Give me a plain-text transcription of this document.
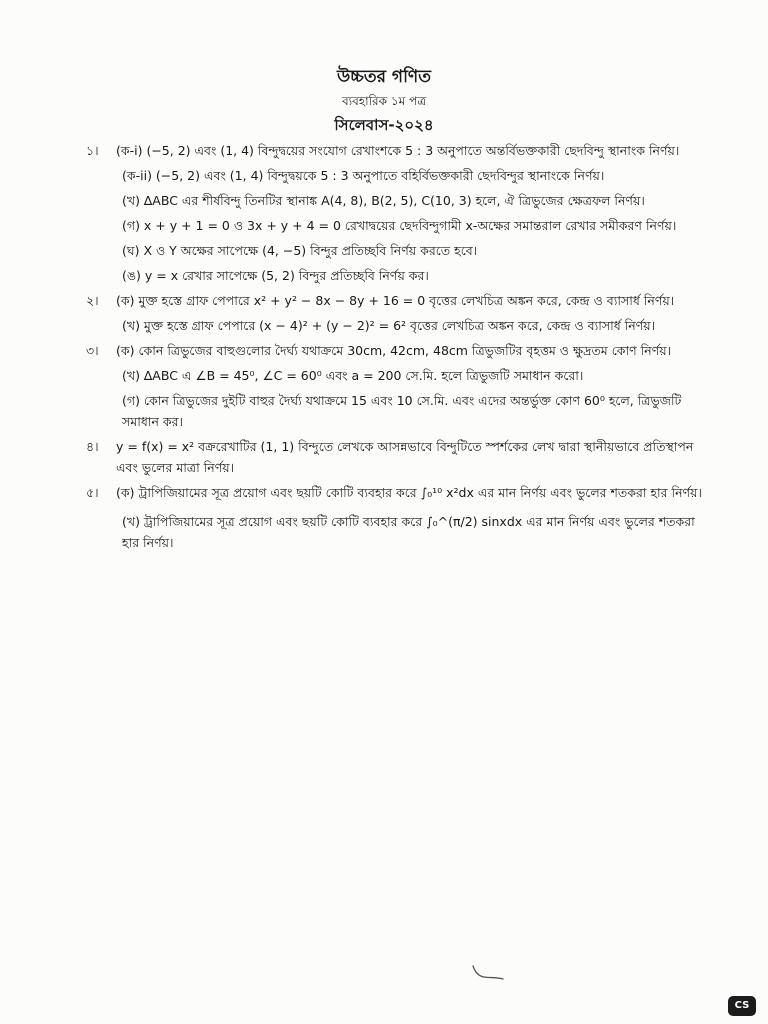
উচ্চতর গণিত
ব্যবহারিক ১ম পত্র
সিলেবাস-২০২৪
১।	(ক-i) (−5, 2) এবং (1, 4) বিন্দুদ্বয়ের সংযোগ রেখাংশকে 5 : 3 অনুপাতে অন্তর্বিভক্তকারী ছেদবিন্দু স্থানাংক নির্ণয়।
(ক-ii) (−5, 2) এবং (1, 4) বিন্দুদ্বয়কে 5 : 3 অনুপাতে বহির্বিভক্তকারী ছেদবিন্দুর স্থানাংকে নির্ণয়।
(খ) ∆ABC এর শীর্ষবিন্দু তিনটির স্থানাঙ্ক A(4, 8), B(2, 5), C(10, 3) হলে, ঐ ত্রিভুজের ক্ষেত্রফল নির্ণয়।
(গ) x + y + 1 = 0 ও 3x + y + 4 = 0 রেখাদ্বয়ের ছেদবিন্দুগামী x-অক্ষের সমান্তরাল রেখার সমীকরণ নির্ণয়।
(ঘ) X ও Y অক্ষের সাপেক্ষে (4, −5) বিন্দুর প্রতিচ্ছবি নির্ণয় করতে হবে।
(ঙ) y = x রেখার সাপেক্ষে (5, 2) বিন্দুর প্রতিচ্ছবি নির্ণয় কর।
২।	(ক) মুক্ত হস্তে গ্রাফ পেপারে x² + y² − 8x − 8y + 16 = 0 বৃত্তের লেখচিত্র অঙ্কন করে, কেন্দ্র ও ব্যাসার্ধ নির্ণয়।
(খ) মুক্ত হস্তে গ্রাফ পেপারে (x − 4)² + (y − 2)² = 6² বৃত্তের লেখচিত্র অঙ্কন করে, কেন্দ্র ও ব্যাসার্ধ নির্ণয়।
৩।	(ক) কোন ত্রিভুজের বাহুগুলোর দৈর্ঘ্য যথাক্রমে 30cm, 42cm, 48cm ত্রিভুজটির বৃহত্তম ও ক্ষুদ্রতম কোণ নির্ণয়।
(খ) ∆ABC এ ∠B = 45⁰, ∠C = 60⁰ এবং a = 200 সে.মি. হলে ত্রিভুজটি সমাধান করো।
(গ) কোন ত্রিভুজের দুইটি বাহুর দৈর্ঘ্য যথাক্রমে 15 এবং 10 সে.মি. এবং এদের অন্তর্ভুক্ত কোণ 60⁰ হলে, ত্রিভুজটি সমাধান কর।
৪।	y = f(x) = x² বক্ররেখাটির (1, 1) বিন্দুতে লেখকে আসন্নভাবে বিন্দুটিতে স্পর্শকের লেখ দ্বারা স্থানীয়ভাবে প্রতিস্থাপন এবং ভুলের মাত্রা নির্ণয়।
৫।	(ক) ট্রাপিজিয়ামের সূত্র প্রয়োগ এবং ছয়টি কোটি ব্যবহার করে ∫₀¹⁰ x²dx এর মান নির্ণয় এবং ভুলের শতকরা হার নির্ণয়।
(খ) ট্রাপিজিয়ামের সূত্র প্রয়োগ এবং ছয়টি কোটি ব্যবহার করে ∫₀^(π/2) sinxdx এর মান নির্ণয় এবং ভুলের শতকরা হার নির্ণয়।
CS
